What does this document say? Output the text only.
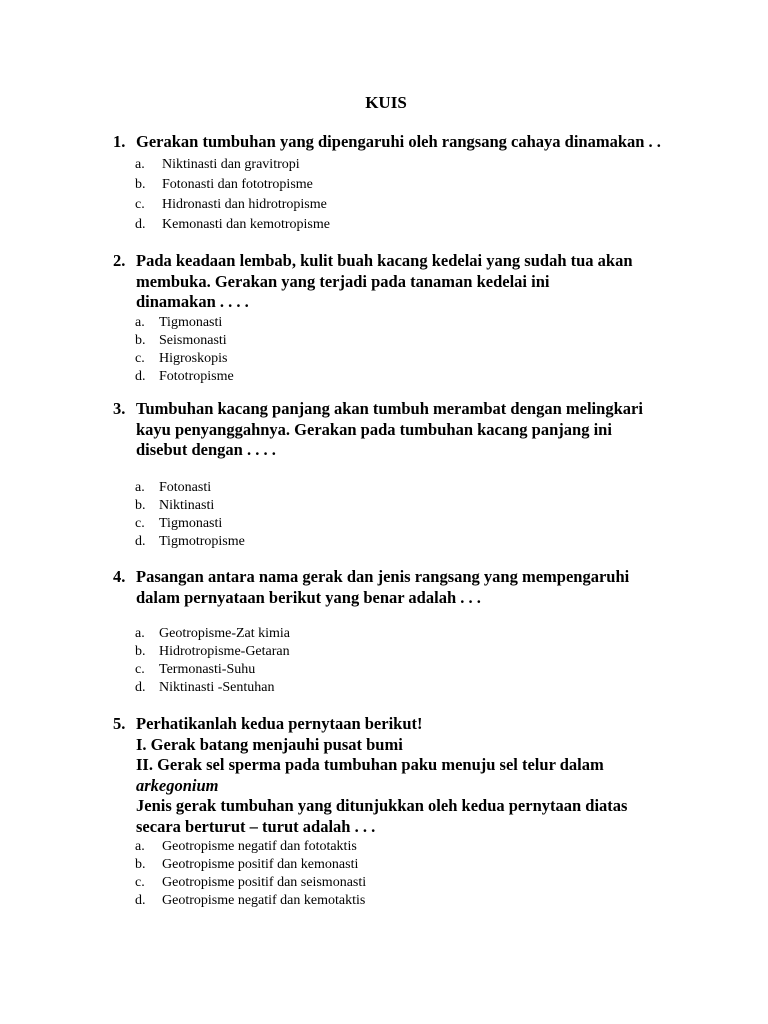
KUIS
1. Gerakan tumbuhan yang dipengaruhi oleh rangsang cahaya dinamakan . .
a.	Niktinasti dan gravitropi
b.	Fotonasti dan fototropisme
c.	Hidronasti dan hidrotropisme
d.	Kemonasti dan kemotropisme
2. Pada keadaan lembab, kulit buah kacang kedelai yang sudah tua akan
membuka. Gerakan yang terjadi pada tanaman kedelai ini
dinamakan . . . .
a.	Tigmonasti
b. Seismonasti
c.	Higroskopis
d. Fototropisme
3. Tumbuhan kacang panjang akan tumbuh merambat dengan melingkari
kayu penyanggahnya. Gerakan pada tumbuhan kacang panjang ini
disebut dengan . . . .
a.	Fotonasti
b. Niktinasti
c.	Tigmonasti
d. Tigmotropisme
4. Pasangan antara nama gerak dan jenis rangsang yang mempengaruhi
dalam pernyataan berikut yang benar adalah . . .
a.	Geotropisme-Zat kimia
b. Hidrotropisme-Getaran
c.	Termonasti-Suhu
d. Niktinasti -Sentuhan
5. Perhatikanlah kedua pernytaan berikut!
I. Gerak batang menjauhi pusat bumi
II. Gerak sel sperma pada tumbuhan paku menuju sel telur dalam
arkegonium
Jenis gerak tumbuhan yang ditunjukkan oleh kedua pernytaan diatas
secara berturut – turut adalah . . .
a.	Geotropisme negatif dan fototaktis
b.	Geotropisme positif dan kemonasti
c.	Geotropisme positif dan seismonasti
d.	Geotropisme negatif dan kemotaktis
